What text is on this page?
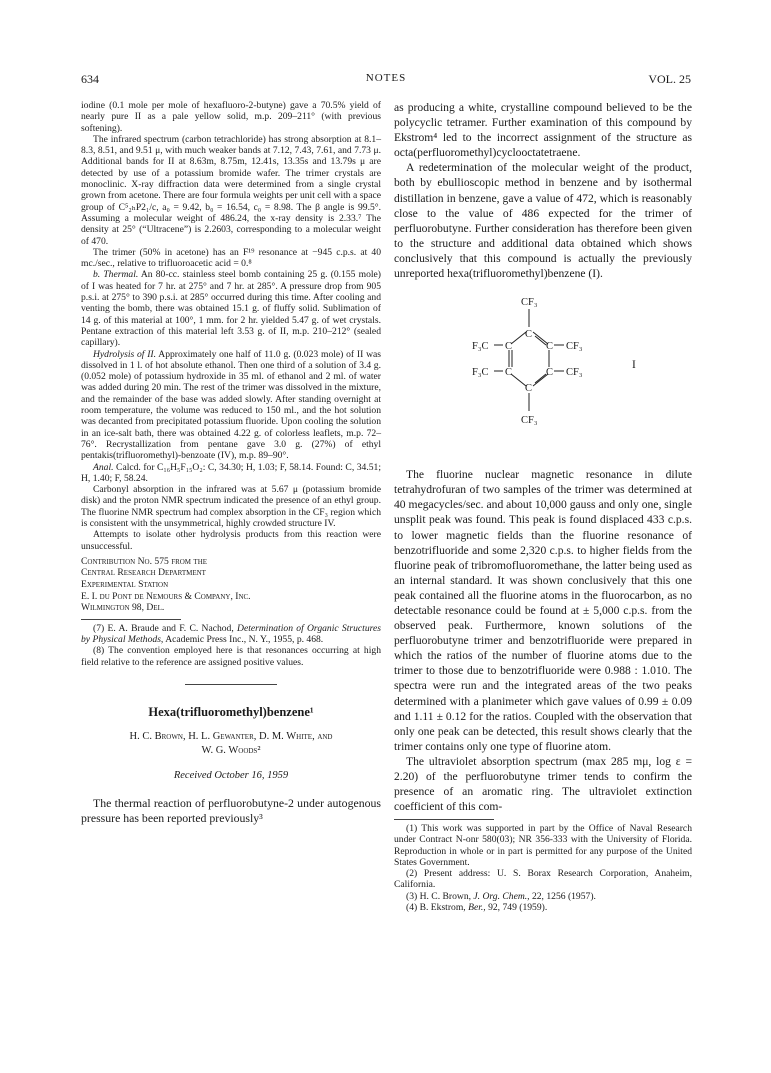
634	NOTES	VOL. 25

iodine (0.1 mole per mole of hexafluoro-2-butyne) gave a 70.5% yield of nearly pure II as a pale yellow solid, m.p. 209–211° (with previous softening).

The infrared spectrum (carbon tetrachloride) has strong absorption at 8.1–8.3, 8.51, and 9.51 μ, with much weaker bands at 7.12, 7.43, 7.61, and 7.73 μ. Additional bands for II at 8.63m, 8.75m, 12.41s, 13.35s and 13.79s μ are detected by use of a potassium bromide wafer. The trimer crystals are monoclinic. X-ray diffraction data were determined from a single crystal grown from acetone. There are four formula weights per unit cell with a space group of C⁵₂ₕP2₁/c, a₀ = 9.42, b₀ = 16.54, c₀ = 8.98. The β angle is 99.5°. Assuming a molecular weight of 486.24, the x-ray density is 2.33.⁷ The density at 25° (“Ultracene”) is 2.2603, corresponding to a molecular weight of 470.

The trimer (50% in acetone) has an F¹⁹ resonance at −945 c.p.s. at 40 mc./sec., relative to trifluoroacetic acid = 0.⁸

b. Thermal. An 80-cc. stainless steel bomb containing 25 g. (0.155 mole) of I was heated for 7 hr. at 275° and 7 hr. at 285°. A pressure drop from 905 p.s.i. at 275° to 390 p.s.i. at 285° occurred during this time. After cooling and venting the bomb, there was obtained 15.1 g. of fluffy solid. Sublimation of 14 g. of this material at 100°, 1 mm. for 2 hr. yielded 5.47 g. of wet crystals. Pentane extraction of this material left 3.53 g. of II, m.p. 210–212° (sealed capillary).

Hydrolysis of II. Approximately one half of 11.0 g. (0.023 mole) of II was dissolved in 1 l. of hot absolute ethanol. Then one third of a solution of 3.4 g. (0.052 mole) of potassium hydroxide in 35 ml. of ethanol and 2 ml. of water was added during 20 min. The rest of the trimer was dissolved in the mixture, and the remainder of the base was added slowly. After standing overnight at room temperature, the volume was reduced to 150 ml., and the hot solution was decanted from precipitated potassium fluoride. Upon cooling the solution in an ice-salt bath, there was obtained 4.22 g. of colorless leaflets, m.p. 72–76°. Recrystallization from pentane gave 3.0 g. (27%) of ethyl pentakis(trifluoromethyl)-benzoate (IV), m.p. 89–90°.

Anal. Calcd. for C₁₆H₅F₁₅O₂: C, 34.30; H, 1.03; F, 58.14. Found: C, 34.51; H, 1.40; F, 58.24.

Carbonyl absorption in the infrared was at 5.67 μ (potassium bromide disk) and the proton NMR spectrum indicated the presence of an ethyl group. The fluorine NMR spectrum had complex absorption in the CF₃ region which is consistent with the unsymmetrical, highly crowded structure IV.

Attempts to isolate other hydrolysis products from this reaction were unsuccessful.

Contribution No. 575 from the
Central Research Department
Experimental Station
E. I. du Pont de Nemours & Company, Inc.
Wilmington 98, Del.

(7) E. A. Braude and F. C. Nachod, Determination of Organic Structures by Physical Methods, Academic Press Inc., N. Y., 1955, p. 468.

(8) The convention employed here is that resonances occurring at high field relative to the reference are assigned positive values.

Hexa(trifluoromethyl)benzene¹
H. C. Brown, H. L. Gewanter, D. M. White, and
W. G. Woods²
Received October 16, 1959

The thermal reaction of perfluorobutyne-2 under autogenous pressure has been reported previously³

as producing a white, crystalline compound believed to be the polycyclic tetramer. Further examination of this compound by Ekstrom⁴ led to the incorrect assignment of the structure as octa(perfluoromethyl)cyclooctatetraene.

A redetermination of the molecular weight of the product, both by ebullioscopic method in benzene and by isothermal distillation in benzene, gave a value of 472, which is reasonably close to the value of 486 expected for the trimer of perfluorobutyne. Further consideration has therefore been given to the structure and additional data obtained which shows conclusively that this compound is actually the previously unreported hexa(trifluoromethyl)benzene (I).

CF₃
C
C	C
C	C
C
F₃C	CF₃
F₃C	CF₃
CF₃
I

The fluorine nuclear magnetic resonance in dilute tetrahydrofuran of two samples of the trimer was determined at 40 megacycles/sec. and about 10,000 gauss and only one, single unsplit peak was found. This peak is found displaced 433 c.p.s. to lower magnetic fields than the fluorine resonance of benzotrifluoride and some 2,320 c.p.s. to higher fields from the fluorine peak of tribromofluoromethane, the latter being used as an internal standard. It was shown conclusively that this one peak contained all the fluorine atoms in the fluorocarbon, as no detectable resonance could be found at ± 5,000 c.p.s. from the observed peak. Furthermore, known solutions of the perfluorobutyne trimer and benzotrifluoride were prepared in which the ratios of the number of fluorine atoms due to the trimer to those due to benzotrifluoride were 0.988 : 1.010. The spectra were run and the integrated areas of the two peaks determined with a planimeter which gave values of 0.99 ± 0.09 and 1.11 ± 0.12 for the ratios. Coupled with the observation that only one peak can be detected, this result shows clearly that the trimer contains only one type of fluorine atom.

The ultraviolet absorption spectrum (max 285 mμ, log ε = 2.20) of the perfluorobutyne trimer tends to confirm the presence of an aromatic ring. The ultraviolet extinction coefficient of this com-

(1) This work was supported in part by the Office of Naval Research under Contract N-onr 580(03); NR 356-333 with the University of Florida. Reproduction in whole or in part is permitted for any purpose of the United States Government.

(2) Present address: U. S. Borax Research Corporation, Anaheim, California.

(3) H. C. Brown, J. Org. Chem., 22, 1256 (1957).

(4) B. Ekstrom, Ber., 92, 749 (1959).
